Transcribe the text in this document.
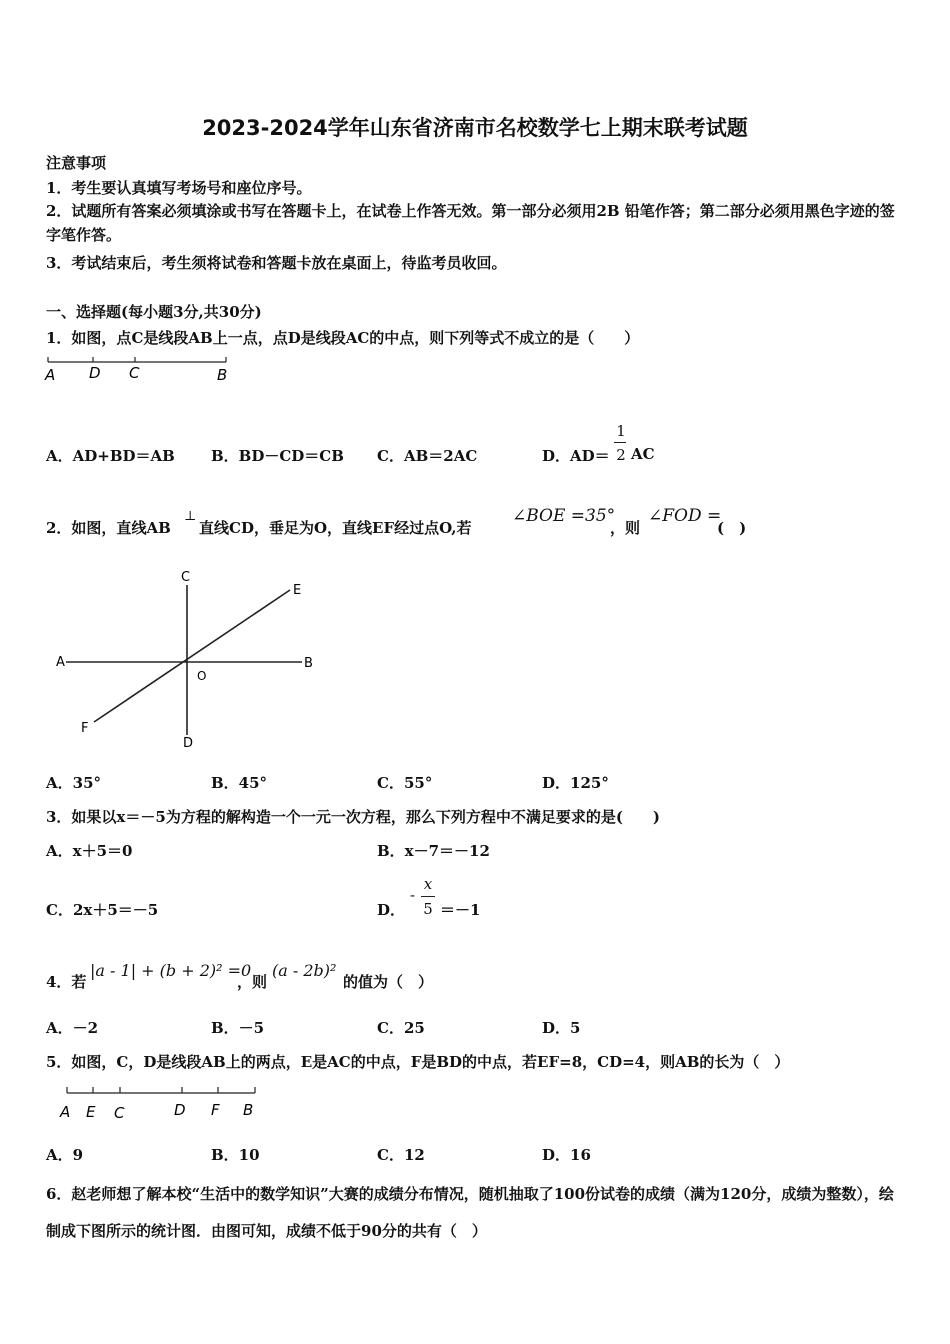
2023-2024学年山东省济南市名校数学七上期末联考试题
注意事项
1．考生要认真填写考场号和座位序号。
2．试题所有答案必须填涂或书写在答题卡上，在试卷上作答无效。第一部分必须用2B 铅笔作答；第二部分必须用黑色字迹的签字笔作答。
3．考试结束后，考生须将试卷和答题卡放在桌面上，待监考员收回。
一、选择题(每小题3分,共30分)
1．如图，点C是线段AB上一点，点D是线段AC的中点，则下列等式不成立的是（　　）
A D C	B
A．AD+BD＝AB B．BD－CD＝CB C．AB＝2AC	D．AD＝
1
2 AC
2．如图，直线AB
⊥
直线CD，垂足为O，直线EF经过点O,若
∠BOE =35°
，则
∠FOD =
(　)
C
E
A	B
O
F
D
A．35°	B．45°	C．55°	D．125°
3．如果以x＝－5为方程的解构造一个一元一次方程，那么下列方程中不满足要求的是(　　)
A．x＋5＝0	B．x－7＝－12
C．2x＋5＝－5	D．
-
x
5 ＝－1
4．若
|a - 1| + (b + 2)² =0
，则
(a - 2b)²
的值为（　）
A．－2	B．－5	C．25	D．5
5．如图，C，D是线段AB上的两点，E是AC的中点，F是BD的中点，若EF=8，CD=4，则AB的长为（　）
A E C	D F B
A．9	B．10	C．12	D．16
6．赵老师想了解本校“生活中的数学知识”大赛的成绩分布情况，随机抽取了100份试卷的成绩（满为120分，成绩为整数），绘制成下图所示的统计图．由图可知，成绩不低于90分的共有（　）
